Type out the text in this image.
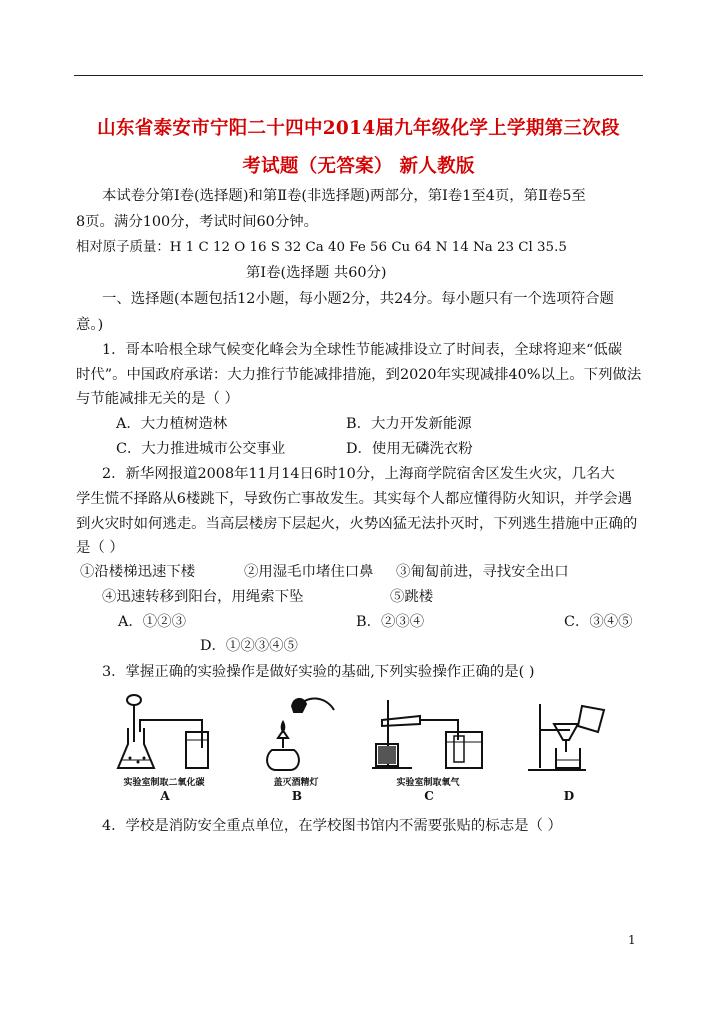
山东省泰安市宁阳二十四中2014届九年级化学上学期第三次段
考试题（无答案） 新人教版
本试卷分第Ⅰ卷(选择题)和第Ⅱ卷(非选择题)两部分，第Ⅰ卷1至4页，第Ⅱ卷5至
8页。满分100分，考试时间60分钟。
相对原子质量：H 1 C 12 O 16 S 32 Ca 40 Fe 56 Cu 64 N 14 Na 23 Cl 35.5
第Ⅰ卷(选择题 共60分)
一、选择题(本题包括12小题，每小题2分，共24分。每小题只有一个选项符合题
意。)
1．哥本哈根全球气候变化峰会为全球性节能减排设立了时间表，全球将迎来“低碳
时代”。中国政府承诺：大力推行节能减排措施，到2020年实现减排40%以上。下列做法
与节能减排无关的是（ ）
A．大力植树造林	B．大力开发新能源
C．大力推进城市公交事业	D．使用无磷洗衣粉
2．新华网报道2008年11月14日6时10分，上海商学院宿舍区发生火灾，几名大
学生慌不择路从6楼跳下，导致伤亡事故发生。其实每个人都应懂得防火知识，并学会遇
到火灾时如何逃走。当高层楼房下层起火，火势凶猛无法扑灭时，下列逃生措施中正确的
是（ ）
①沿楼梯迅速下楼	②用湿毛巾堵住口鼻 ③匍匐前进，寻找安全出口
④迅速转移到阳台，用绳索下坠	⑤跳楼
A．①②③	B．②③④	C．③④⑤
D．①②③④⑤
3．掌握正确的实验操作是做好实验的基础,下列实验操作正确的是( )
实验室制取二氧化碳
A
盖灭酒精灯
B
实验室制取氧气
C	D
4．学校是消防安全重点单位，在学校图书馆内不需要张贴的标志是（ ）
1
